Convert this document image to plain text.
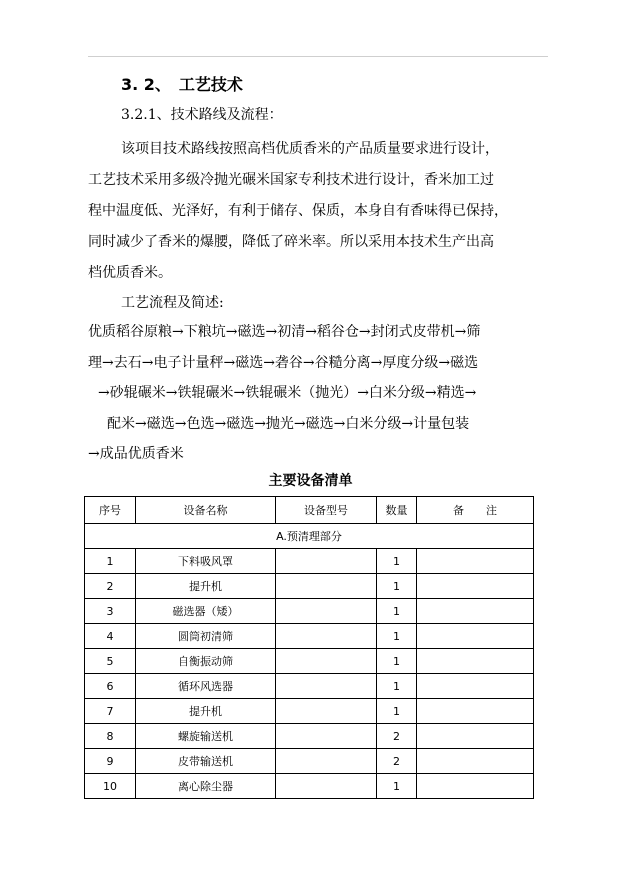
3. 2、 工艺技术
3.2.1、技术路线及流程：
该项目技术路线按照高档优质香米的产品质量要求进行设计，
工艺技术采用多级冷抛光碾米国家专利技术进行设计，香米加工过
程中温度低、光泽好，有利于储存、保质，本身自有香味得已保持，
同时减少了香米的爆腰，降低了碎米率。所以采用本技术生产出高
档优质香米。
工艺流程及简述:
优质稻谷原粮→下粮坑→磁选→初清→稻谷仓→封闭式皮带机→筛
理→去石→电子计量秤→磁选→砻谷→谷糙分离→厚度分级→磁选
→砂辊碾米→铁辊碾米→铁辊碾米（抛光）→白米分级→精选→
配米→磁选→色选→磁选→抛光→磁选→白米分级→计量包装
→成品优质香米
主要设备清单
序号	设备名称	设备型号	数量	备　　注
A.预清理部分				
1	下料吸风罩		1	
2	提升机		1	
3	磁选器（矮）		1	
4	圆筒初清筛		1	
5	自衡振动筛		1	
6	循环风选器		1	
7	提升机		1	
8	螺旋输送机		2	
9	皮带输送机		2	
10	离心除尘器		1	
